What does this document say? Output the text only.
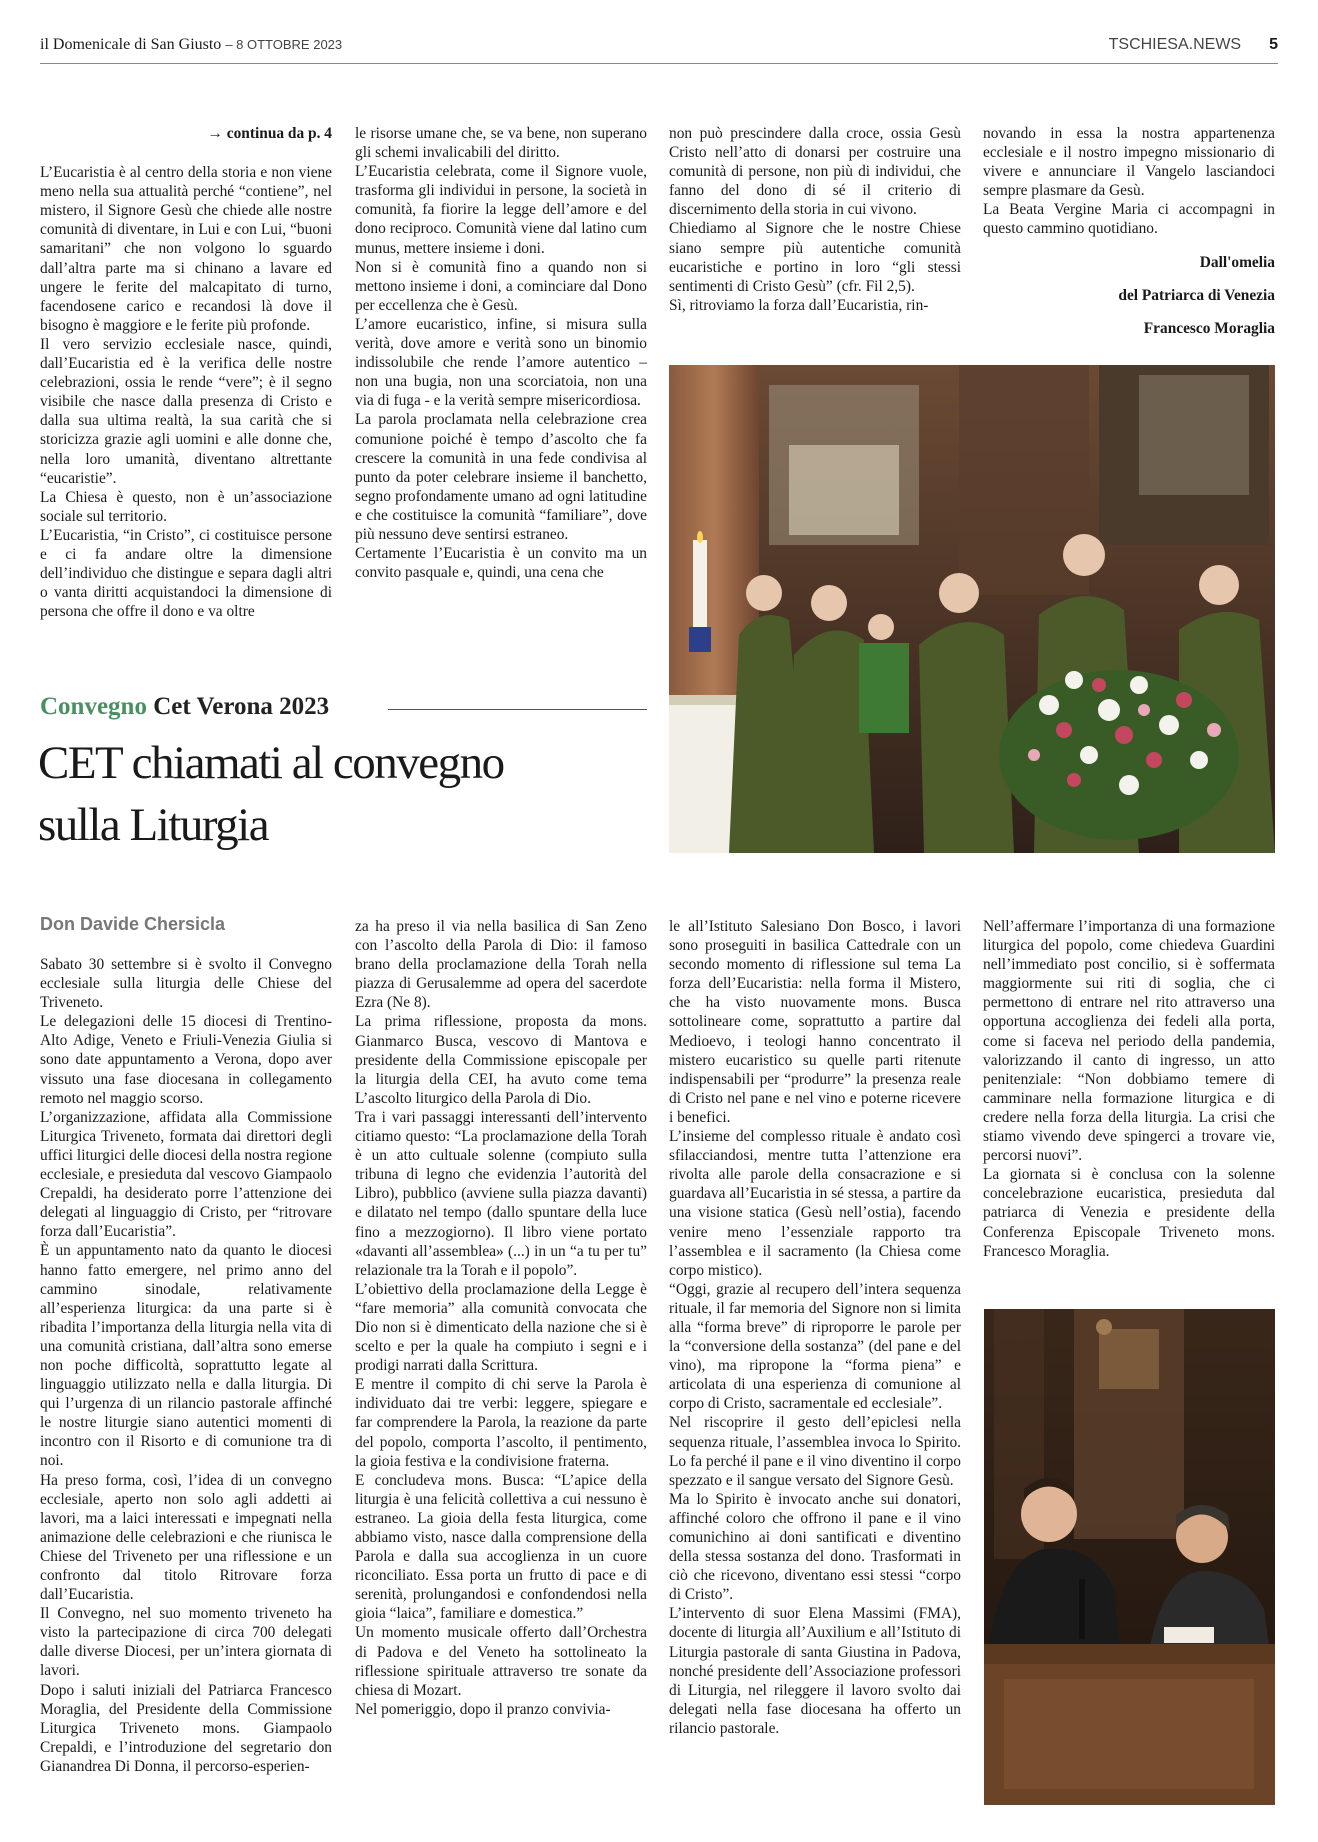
il Domenicale di San Giusto – 8 OTTOBRE 2023	TSCHIESA.NEWS 5

→ continua da p. 4

L’Eucaristia è al centro della storia e non viene meno nella sua attualità perché “contiene”, nel mistero, il Signore Gesù che chiede alle nostre comunità di diventare, in Lui e con Lui, “buoni samaritani” che non volgono lo sguardo dall’altra parte ma si chinano a lavare ed ungere le ferite del malcapitato di turno, facendosene carico e recandosi là dove il bisogno è maggiore e le ferite più profonde.

Il vero servizio ecclesiale nasce, quindi, dall’Eucaristia ed è la verifica delle nostre celebrazioni, ossia le rende “vere”; è il segno visibile che nasce dalla presenza di Cristo e dalla sua ultima realtà, la sua carità che si storicizza grazie agli uomini e alle donne che, nella loro umanità, diventano altrettante “eucaristie”.

La Chiesa è questo, non è un’associazione sociale sul territorio.

L’Eucaristia, “in Cristo”, ci costituisce persone e ci fa andare oltre la dimensione dell’individuo che distingue e separa dagli altri o vanta diritti acquistandoci la dimensione di persona che offre il dono e va oltre

le risorse umane che, se va bene, non superano gli schemi invalicabili del diritto.

L’Eucaristia celebrata, come il Signore vuole, trasforma gli individui in persone, la società in comunità, fa fiorire la legge dell’amore e del dono reciproco. Comunità viene dal latino cum munus, mettere insieme i doni.

Non si è comunità fino a quando non si mettono insieme i doni, a cominciare dal Dono per eccellenza che è Gesù.

L’amore eucaristico, infine, si misura sulla verità, dove amore e verità sono un binomio indissolubile che rende l’amore autentico – non una bugia, non una scorciatoia, non una via di fuga - e la verità sempre misericordiosa.

La parola proclamata nella celebrazione crea comunione poiché è tempo d’ascolto che fa crescere la comunità in una fede condivisa al punto da poter celebrare insieme il banchetto, segno profondamente umano ad ogni latitudine e che costituisce la comunità “familiare”, dove più nessuno deve sentirsi estraneo.

Certamente l’Eucaristia è un convito ma un convito pasquale e, quindi, una cena che

non può prescindere dalla croce, ossia Gesù Cristo nell’atto di donarsi per costruire una comunità di persone, non più di individui, che fanno del dono di sé il criterio di discernimento della storia in cui vivono.

Chiediamo al Signore che le nostre Chiese siano sempre più autentiche comunità eucaristiche e portino in loro “gli stessi sentimenti di Cristo Gesù” (cfr. Fil 2,5).

Sì, ritroviamo la forza dall’Eucaristia, rin-

novando in essa la nostra appartenenza ecclesiale e il nostro impegno missionario di vivere e annunciare il Vangelo lasciandoci sempre plasmare da Gesù.

La Beata Vergine Maria ci accompagni in questo cammino quotidiano.

Dall'omelia

del Patriarca di Venezia

Francesco Moraglia

Convegno Cet Verona 2023
CET chiamati al convegno
sulla Liturgia
Don Davide Chersicla

Sabato 30 settembre si è svolto il Convegno ecclesiale sulla liturgia delle Chiese del Triveneto.

Le delegazioni delle 15 diocesi di Trentino-Alto Adige, Veneto e Friuli-Venezia Giulia si sono date appuntamento a Verona, dopo aver vissuto una fase diocesana in collegamento remoto nel maggio scorso.

L’organizzazione, affidata alla Commissione Liturgica Triveneto, formata dai direttori degli uffici liturgici delle diocesi della nostra regione ecclesiale, e presieduta dal vescovo Giampaolo Crepaldi, ha desiderato porre l’attenzione dei delegati al linguaggio di Cristo, per “ritrovare forza dall’Eucaristia”.

È un appuntamento nato da quanto le diocesi hanno fatto emergere, nel primo anno del cammino sinodale, relativamente all’esperienza liturgica: da una parte si è ribadita l’importanza della liturgia nella vita di una comunità cristiana, dall’altra sono emerse non poche difficoltà, soprattutto legate al linguaggio utilizzato nella e dalla liturgia. Di qui l’urgenza di un rilancio pastorale affinché le nostre liturgie siano autentici momenti di incontro con il Risorto e di comunione tra di noi.

Ha preso forma, così, l’idea di un convegno ecclesiale, aperto non solo agli addetti ai lavori, ma a laici interessati e impegnati nella animazione delle celebrazioni e che riunisca le Chiese del Triveneto per una riflessione e un confronto dal titolo Ritrovare forza dall’Eucaristia.

Il Convegno, nel suo momento triveneto ha visto la partecipazione di circa 700 delegati dalle diverse Diocesi, per un’intera giornata di lavori.

Dopo i saluti iniziali del Patriarca Francesco Moraglia, del Presidente della Commissione Liturgica Triveneto mons. Giampaolo Crepaldi, e l’introduzione del segretario don Gianandrea Di Donna, il percorso-esperien-

za ha preso il via nella basilica di San Zeno con l’ascolto della Parola di Dio: il famoso brano della proclamazione della Torah nella piazza di Gerusalemme ad opera del sacerdote Ezra (Ne 8).

La prima riflessione, proposta da mons. Gianmarco Busca, vescovo di Mantova e presidente della Commissione episcopale per la liturgia della CEI, ha avuto come tema L’ascolto liturgico della Parola di Dio.

Tra i vari passaggi interessanti dell’intervento citiamo questo: “La proclamazione della Torah è un atto cultuale solenne (compiuto sulla tribuna di legno che evidenzia l’autorità del Libro), pubblico (avviene sulla piazza davanti) e dilatato nel tempo (dallo spuntare della luce fino a mezzogiorno). Il libro viene portato «davanti all’assemblea» (...) in un “a tu per tu” relazionale tra la Torah e il popolo”.

L’obiettivo della proclamazione della Legge è “fare memoria” alla comunità convocata che Dio non si è dimenticato della nazione che si è scelto e per la quale ha compiuto i segni e i prodigi narrati dalla Scrittura.

E mentre il compito di chi serve la Parola è individuato dai tre verbi: leggere, spiegare e far comprendere la Parola, la reazione da parte del popolo, comporta l’ascolto, il pentimento, la gioia festiva e la condivisione fraterna.

E concludeva mons. Busca: “L’apice della liturgia è una felicità collettiva a cui nessuno è estraneo. La gioia della festa liturgica, come abbiamo visto, nasce dalla comprensione della Parola e dalla sua accoglienza in un cuore riconciliato. Essa porta un frutto di pace e di serenità, prolungandosi e confondendosi nella gioia “laica”, familiare e domestica.”

Un momento musicale offerto dall’Orchestra di Padova e del Veneto ha sottolineato la riflessione spirituale attraverso tre sonate da chiesa di Mozart.

Nel pomeriggio, dopo il pranzo convivia-

le all’Istituto Salesiano Don Bosco, i lavori sono proseguiti in basilica Cattedrale con un secondo momento di riflessione sul tema La forza dell’Eucaristia: nella forma il Mistero, che ha visto nuovamente mons. Busca sottolineare come, soprattutto a partire dal Medioevo, i teologi hanno concentrato il mistero eucaristico su quelle parti ritenute indispensabili per “produrre” la presenza reale di Cristo nel pane e nel vino e poterne ricevere i benefici.

L’insieme del complesso rituale è andato così sfilacciandosi, mentre tutta l’attenzione era rivolta alle parole della consacrazione e si guardava all’Eucaristia in sé stessa, a partire da una visione statica (Gesù nell’ostia), facendo venire meno l’essenziale rapporto tra l’assemblea e il sacramento (la Chiesa come corpo mistico).

“Oggi, grazie al recupero dell’intera sequenza rituale, il far memoria del Signore non si limita alla “forma breve” di riproporre le parole per la “conversione della sostanza” (del pane e del vino), ma ripropone la “forma piena” e articolata di una esperienza di comunione al corpo di Cristo, sacramentale ed ecclesiale”.

Nel riscoprire il gesto dell’epiclesi nella sequenza rituale, l’assemblea invoca lo Spirito. Lo fa perché il pane e il vino diventino il corpo spezzato e il sangue versato del Signore Gesù.

Ma lo Spirito è invocato anche sui donatori, affinché coloro che offrono il pane e il vino comunichino ai doni santificati e diventino della stessa sostanza del dono. Trasformati in ciò che ricevono, diventano essi stessi “corpo di Cristo”.

L’intervento di suor Elena Massimi (FMA), docente di liturgia all’Auxilium e all’Istituto di Liturgia pastorale di santa Giustina in Padova, nonché presidente dell’Associazione professori di Liturgia, nel rileggere il lavoro svolto dai delegati nella fase diocesana ha offerto un rilancio pastorale.

Nell’affermare l’importanza di una formazione liturgica del popolo, come chiedeva Guardini nell’immediato post concilio, si è soffermata maggiormente sui riti di soglia, che ci permettono di entrare nel rito attraverso una opportuna accoglienza dei fedeli alla porta, come si faceva nel periodo della pandemia, valorizzando il canto di ingresso, un atto penitenziale: “Non dobbiamo temere di camminare nella formazione liturgica e di credere nella forza della liturgia. La crisi che stiamo vivendo deve spingerci a trovare vie, percorsi nuovi”.

La giornata si è conclusa con la solenne concelebrazione eucaristica, presieduta dal patriarca di Venezia e presidente della Conferenza Episcopale Triveneto mons. Francesco Moraglia.
